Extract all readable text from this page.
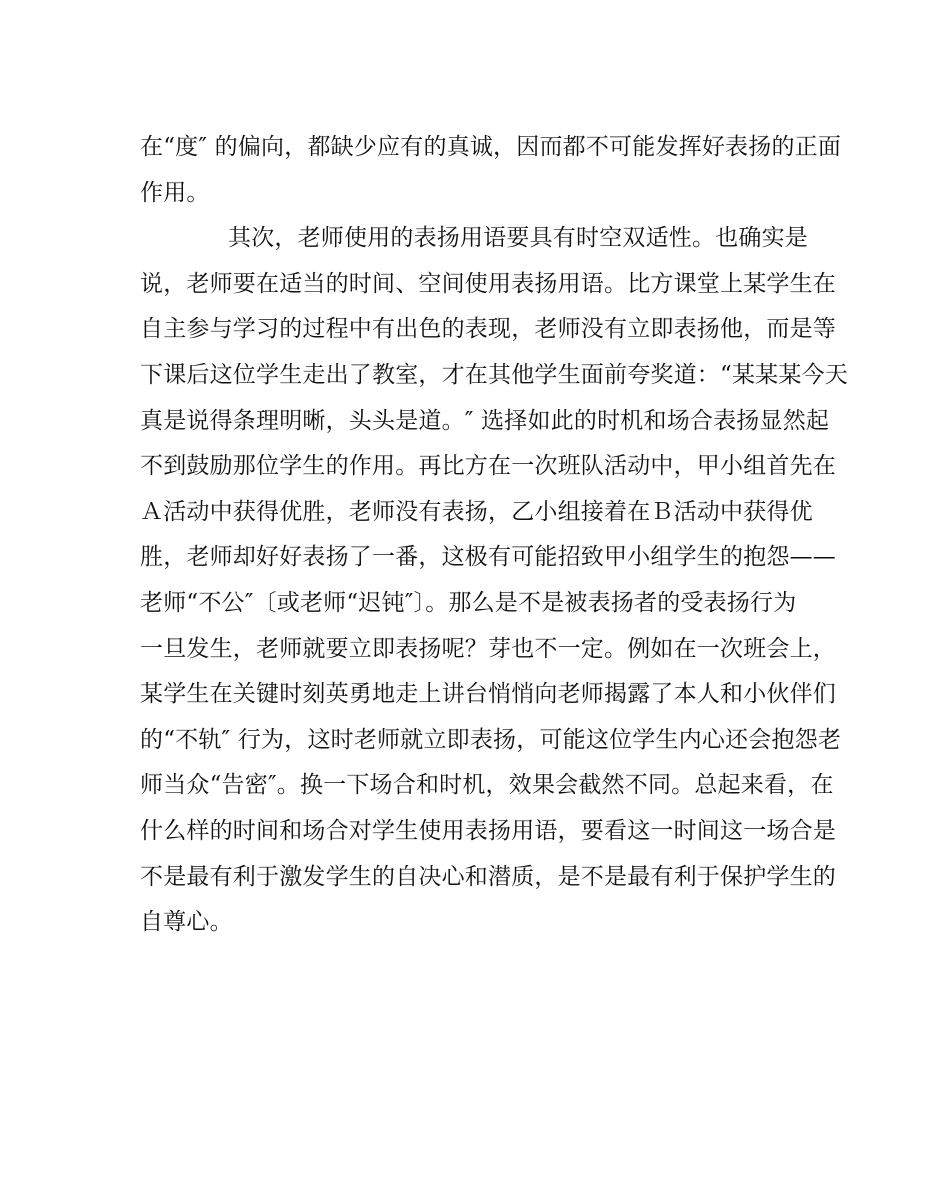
在“度″ 的偏向，都缺少应有的真诚，因而都不可能发挥好表扬的正面
作用。
其次，老师使用的表扬用语要具有时空双适性。也确实是
说，老师要在适当的时间、空间使用表扬用语。比方课堂上某学生在
自主参与学习的过程中有出色的表现，老师没有立即表扬他，而是等
下课后这位学生走出了教室，才在其他学生面前夸奖道：“某某某今天
真是说得条理明晰，头头是道。″ 选择如此的时机和场合表扬显然起
不到鼓励那位学生的作用。再比方在一次班队活动中，甲小组首先在
Ａ活动中获得优胜，老师没有表扬，乙小组接着在Ｂ活动中获得优
胜，老师却好好表扬了一番，这极有可能招致甲小组学生的抱怨——
老师“不公″〔或老师“迟钝″〕。那么是不是被表扬者的受表扬行为
一旦发生，老师就要立即表扬呢？芽也不一定。例如在一次班会上，
某学生在关键时刻英勇地走上讲台悄悄向老师揭露了本人和小伙伴们
的“不轨″ 行为，这时老师就立即表扬，可能这位学生内心还会抱怨老
师当众“告密″。换一下场合和时机，效果会截然不同。总起来看，在
什么样的时间和场合对学生使用表扬用语，要看这一时间这一场合是
不是最有利于激发学生的自决心和潜质，是不是最有利于保护学生的
自尊心。
